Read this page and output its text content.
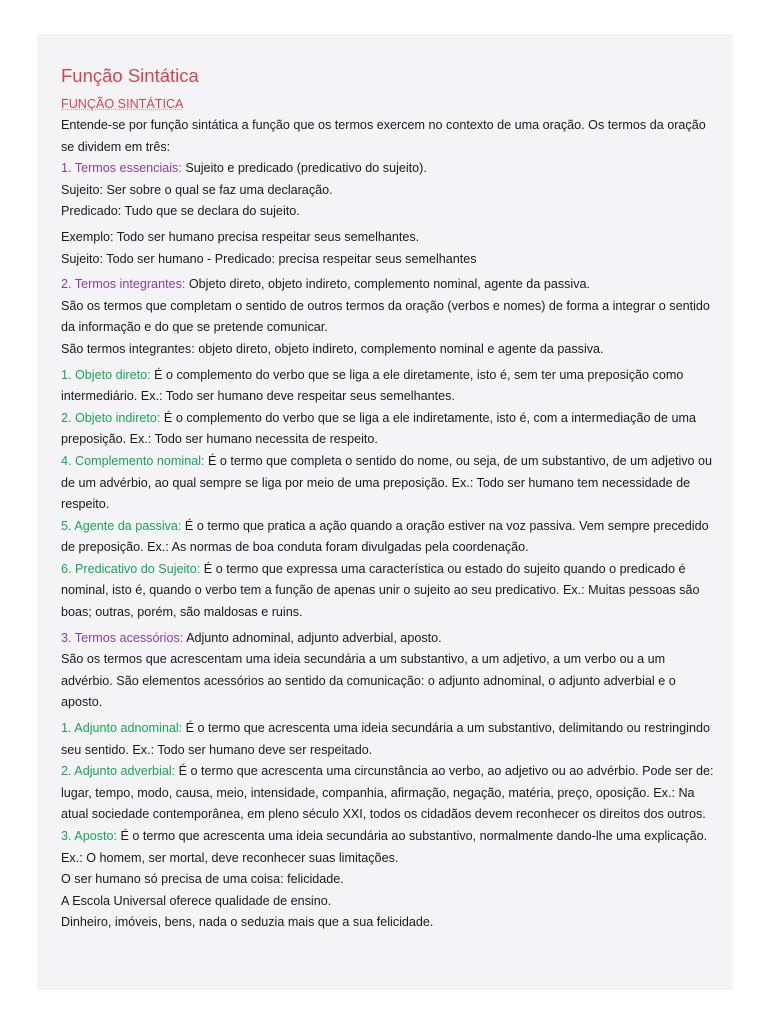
Função Sintática
FUNÇÃO SINTÁTICA

Entende-se por função sintática a função que os termos exercem no contexto de uma oração. Os termos da oração se dividem em três:

1. Termos essenciais: Sujeito e predicado (predicativo do sujeito).

Sujeito: Ser sobre o qual se faz uma declaração.

Predicado: Tudo que se declara do sujeito.

Exemplo: Todo ser humano precisa respeitar seus semelhantes.

Sujeito: Todo ser humano - Predicado: precisa respeitar seus semelhantes

2. Termos integrantes: Objeto direto, objeto indireto, complemento nominal, agente da passiva.

São os termos que completam o sentido de outros termos da oração (verbos e nomes) de forma a integrar o sentido da informação e do que se pretende comunicar.

São termos integrantes: objeto direto, objeto indireto, complemento nominal e agente da passiva.

1. Objeto direto: É o complemento do verbo que se liga a ele diretamente, isto é, sem ter uma preposição como intermediário. Ex.: Todo ser humano deve respeitar seus semelhantes.

2. Objeto indireto: É o complemento do verbo que se liga a ele indiretamente, isto é, com a intermediação de uma preposição. Ex.: Todo ser humano necessita de respeito.

4. Complemento nominal: É o termo que completa o sentido do nome, ou seja, de um substantivo, de um adjetivo ou de um advérbio, ao qual sempre se liga por meio de uma preposição. Ex.: Todo ser humano tem necessidade de respeito.

5. Agente da passiva: É o termo que pratica a ação quando a oração estiver na voz passiva. Vem sempre precedido de preposição. Ex.: As normas de boa conduta foram divulgadas pela coordenação.

6. Predicativo do Sujeito: É o termo que expressa uma característica ou estado do sujeito quando o predicado é nominal, isto é, quando o verbo tem a função de apenas unir o sujeito ao seu predicativo. Ex.: Muitas pessoas são boas; outras, porém, são maldosas e ruins.

3. Termos acessórios: Adjunto adnominal, adjunto adverbial, aposto.

São os termos que acrescentam uma ideia secundária a um substantivo, a um adjetivo, a um verbo ou a um advérbio. São elementos acessórios ao sentido da comunicação: o adjunto adnominal, o adjunto adverbial e o aposto.

1. Adjunto adnominal: É o termo que acrescenta uma ideia secundária a um substantivo, delimitando ou restringindo seu sentido. Ex.: Todo ser humano deve ser respeitado.

2. Adjunto adverbial: É o termo que acrescenta uma circunstância ao verbo, ao adjetivo ou ao advérbio. Pode ser de: lugar, tempo, modo, causa, meio, intensidade, companhia, afirmação, negação, matéria, preço, oposição. Ex.: Na atual sociedade contemporânea, em pleno século XXI, todos os cidadãos devem reconhecer os direitos dos outros.

3. Aposto: É o termo que acrescenta uma ideia secundária ao substantivo, normalmente dando-lhe uma explicação.

Ex.: O homem, ser mortal, deve reconhecer suas limitações.

O ser humano só precisa de uma coisa: felicidade.

A Escola Universal oferece qualidade de ensino.

Dinheiro, imóveis, bens, nada o seduzia mais que a sua felicidade.
